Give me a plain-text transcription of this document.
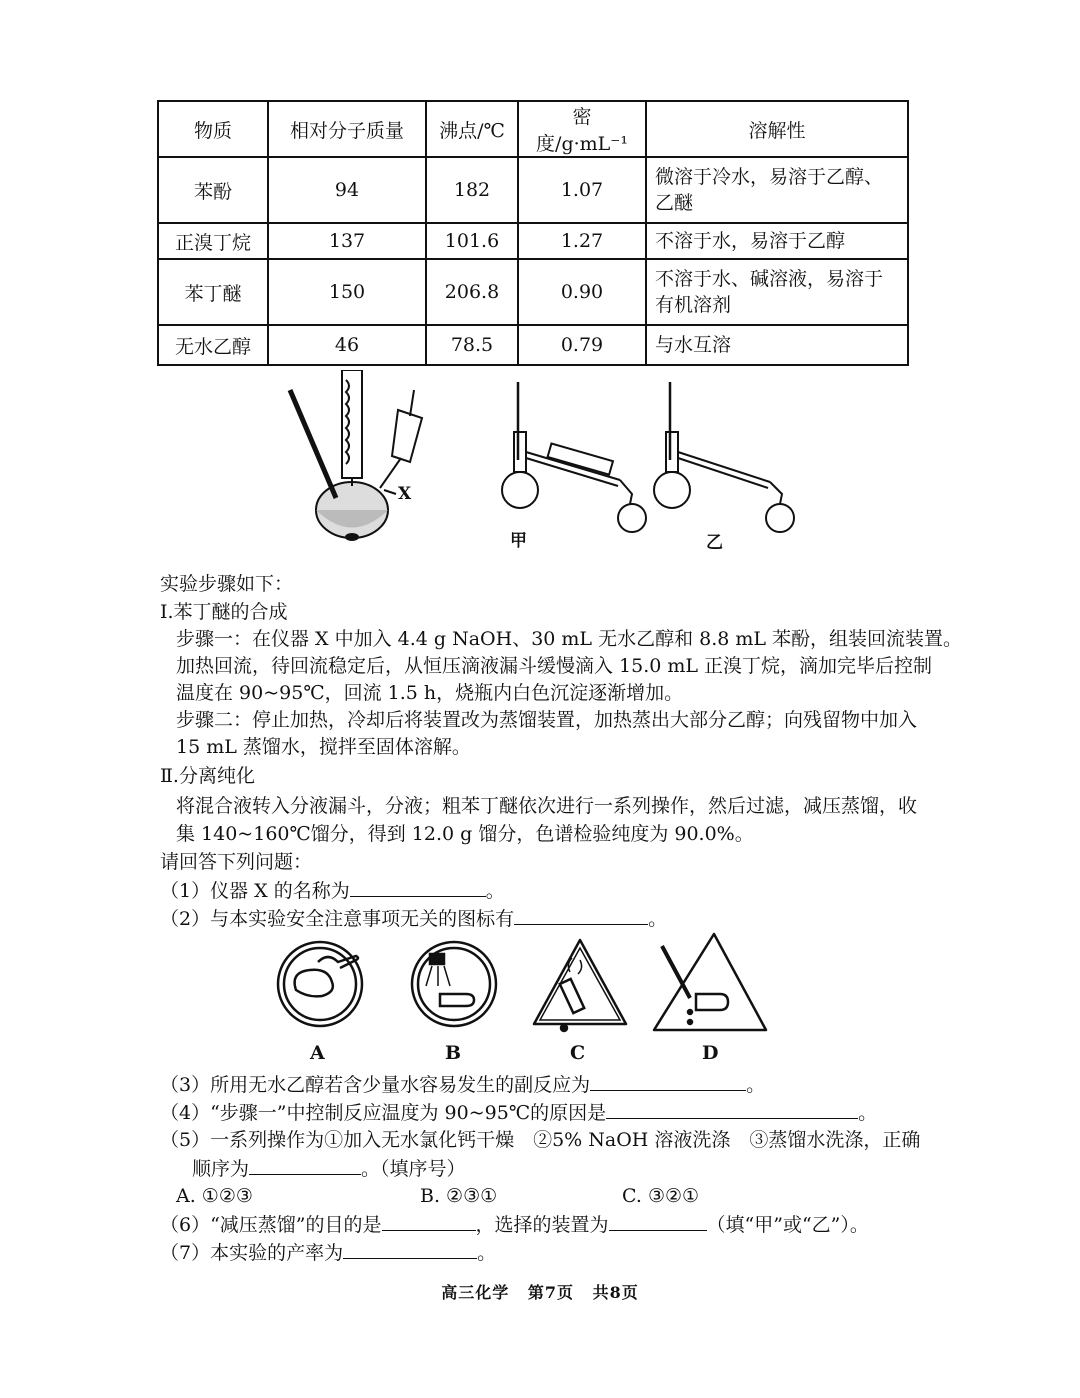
物质	相对分子质量	沸点/℃	密度/g·mL⁻¹	溶解性
苯酚	94	182	1.07	微溶于冷水，易溶于乙醇、乙醚
正溴丁烷	137	101.6	1.27	不溶于水，易溶于乙醇
苯丁醚	150	206.8	0.90	不溶于水、碱溶液，易溶于有机溶剂
无水乙醇	46	78.5	0.79	与水互溶
X
甲	乙
实验步骤如下：
Ⅰ.苯丁醚的合成
步骤一：在仪器 X 中加入 4.4 g NaOH、30 mL 无水乙醇和 8.8 mL 苯酚，组装回流装置。
加热回流，待回流稳定后，从恒压滴液漏斗缓慢滴入 15.0 mL 正溴丁烷，滴加完毕后控制
温度在 90~95℃，回流 1.5 h，烧瓶内白色沉淀逐渐增加。
步骤二：停止加热，冷却后将装置改为蒸馏装置，加热蒸出大部分乙醇；向残留物中加入
15 mL 蒸馏水，搅拌至固体溶解。
Ⅱ.分离纯化
将混合液转入分液漏斗，分液；粗苯丁醚依次进行一系列操作，然后过滤，减压蒸馏，收
集 140~160℃馏分，得到 12.0 g 馏分，色谱检验纯度为 90.0%。
请回答下列问题：
（1）仪器 X 的名称为	。
（2）与本实验安全注意事项无关的图标有	。
A	B	C	D
（3）所用无水乙醇若含少量水容易发生的副反应为	。
（4）“步骤一”中控制反应温度为 90~95℃的原因是	。
（5）一系列操作为①加入无水氯化钙干燥　②5% NaOH 溶液洗涤　③蒸馏水洗涤，正确
顺序为	。（填序号）
A. ①②③	B. ②③①	C. ③②①
（6）“减压蒸馏”的目的是	，选择的装置为	（填“甲”或“乙”）。
（7）本实验的产率为	。
高三化学 第7页 共8页
